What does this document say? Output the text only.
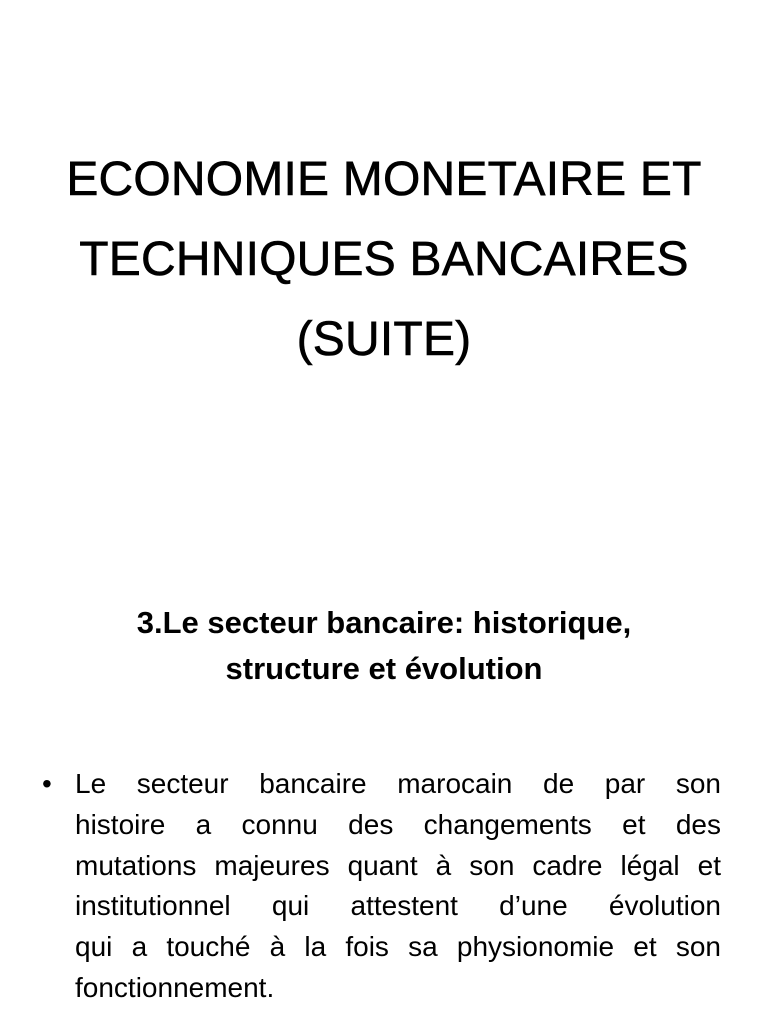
ECONOMIE MONETAIRE ET
TECHNIQUES BANCAIRES
(SUITE)
3.Le secteur bancaire: historique,
structure et évolution
• Le secteur bancaire marocain de par son
histoire a connu des changements et des
mutations majeures quant à son cadre légal et
institutionnel qui attestent d’une évolution
qui a touché à la fois sa physionomie et son
fonctionnement.
